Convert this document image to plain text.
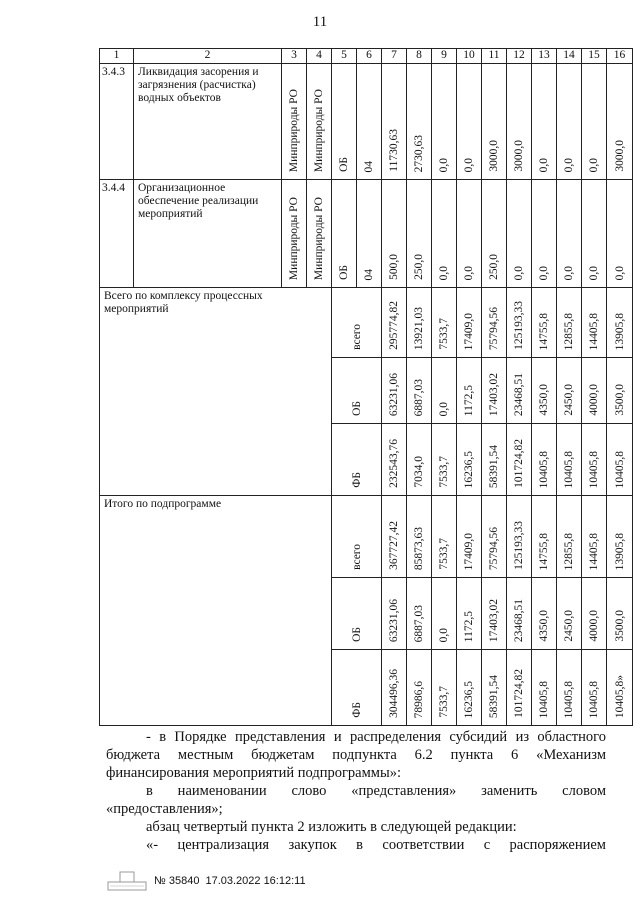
11
1	2	3	4	5	6	7	8	9	10	11	12	13	14	15	16
3.4.3	Ликвидация засорения и загрязнения (расчистка) водных объектов	Минприроды РО	Минприроды РО	ОБ	04	11730,63	2730,63	0,0	0,0	3000,0	3000,0	0,0	0,0	0,0	3000,0
3.4.4	Организационное обеспечение реализации мероприятий	Минприроды РО	Минприроды РО	ОБ	04	500,0	250,0	0,0	0,0	250,0	0,0	0,0	0,0	0,0	0,0
Всего по комплексу процессных мероприятий				всего		295774,82	13921,03	7533,7	17409,0	75794,56	125193,33	14755,8	12855,8	14405,8	13905,8
				ОБ		63231,06	6887,03	0,0	1172,5	17403,02	23468,51	4350,0	2450,0	4000,0	3500,0
				ФБ		232543,76	7034,0	7533,7	16236,5	58391,54	101724,82	10405,8	10405,8	10405,8	10405,8
Итого по подпрограмме				всего		367727,42	85873,63	7533,7	17409,0	75794,56	125193,33	14755,8	12855,8	14405,8	13905,8
				ОБ		63231,06	6887,03	0,0	1172,5	17403,02	23468,51	4350,0	2450,0	4000,0	3500,0
				ФБ		304496,36	78986,6	7533,7	16236,5	58391,54	101724,82	10405,8	10405,8	10405,8	10405,8»
- в Порядке представления и распределения субсидий из областного
бюджета местным бюджетам подпункта 6.2 пункта 6 «Механизм
финансирования мероприятий подпрограммы»:
в наименовании слово «представления» заменить словом
«предоставления»;
абзац четвертый пункта 2 изложить в следующей редакции:
«- централизация закупок в соответствии с распоряжением
№ 35840 17.03.2022 16:12:11
